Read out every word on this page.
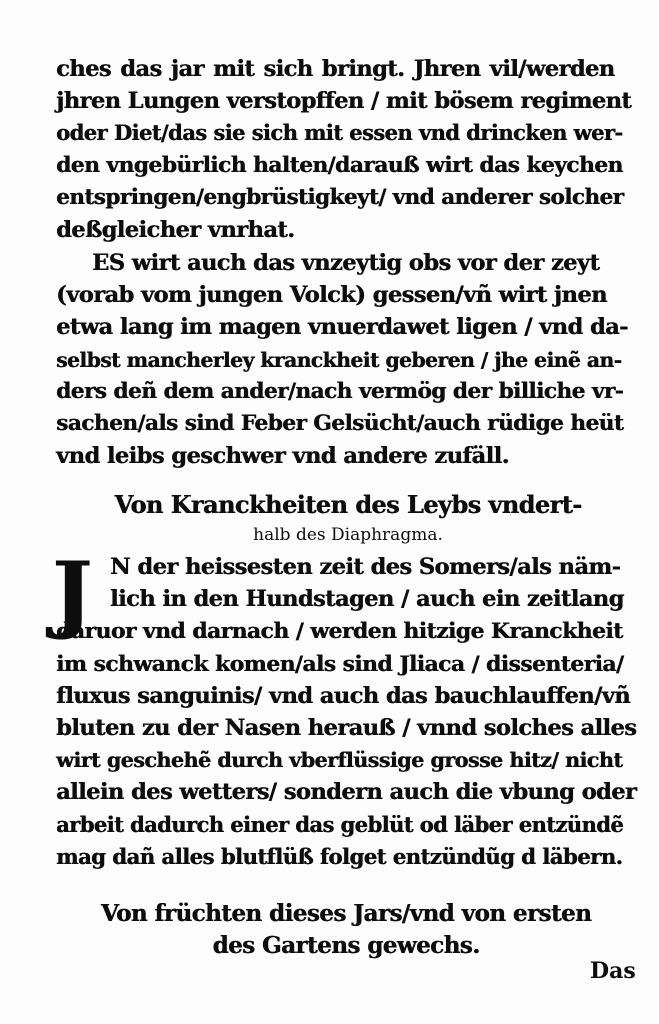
ches das jar mit sich bringt. Jhren vil/werden
jhren Lungen verstopffen / mit bösem regiment
oder Diet/das sie sich mit essen vnd drincken wer-
den vngebürlich halten/darauß wirt das keychen
entspringen/engbrüstigkeyt/ vnd anderer solcher
deßgleicher vnrhat.
ES wirt auch das vnzeytig obs vor der zeyt
(vorab vom jungen Volck) gessen/vñ wirt jnen
etwa lang im magen vnuerdawet ligen / vnd da-
selbst mancherley kranckheit geberen / jhe einẽ an-
ders deñ dem ander/nach vermög der billiche vr-
sachen/als sind Feber Gelsücht/auch rüdige heüt
vnd leibs geschwer vnd andere zufäll.
Von Kranckheiten des Leybs vndert-
halb des Diaphragma.
J N der heissesten zeit des Somers/als näm-
lich in den Hundstagen / auch ein zeitlang
daruor vnd darnach / werden hitzige Kranckheit
im schwanck komen/als sind Jliaca / dissenteria/
fluxus sanguinis/ vnd auch das bauchlauffen/vñ
bluten zu der Nasen herauß / vnnd solches alles
wirt geschehẽ durch vberflüssige grosse hitz/ nicht
allein des wetters/ sondern auch die vbung oder
arbeit dadurch einer das geblüt od läber entzündẽ
mag dañ alles blutflüß folget entzündũg d läbern.
Von früchten dieses Jars/vnd von ersten
des Gartens gewechs.
Das
